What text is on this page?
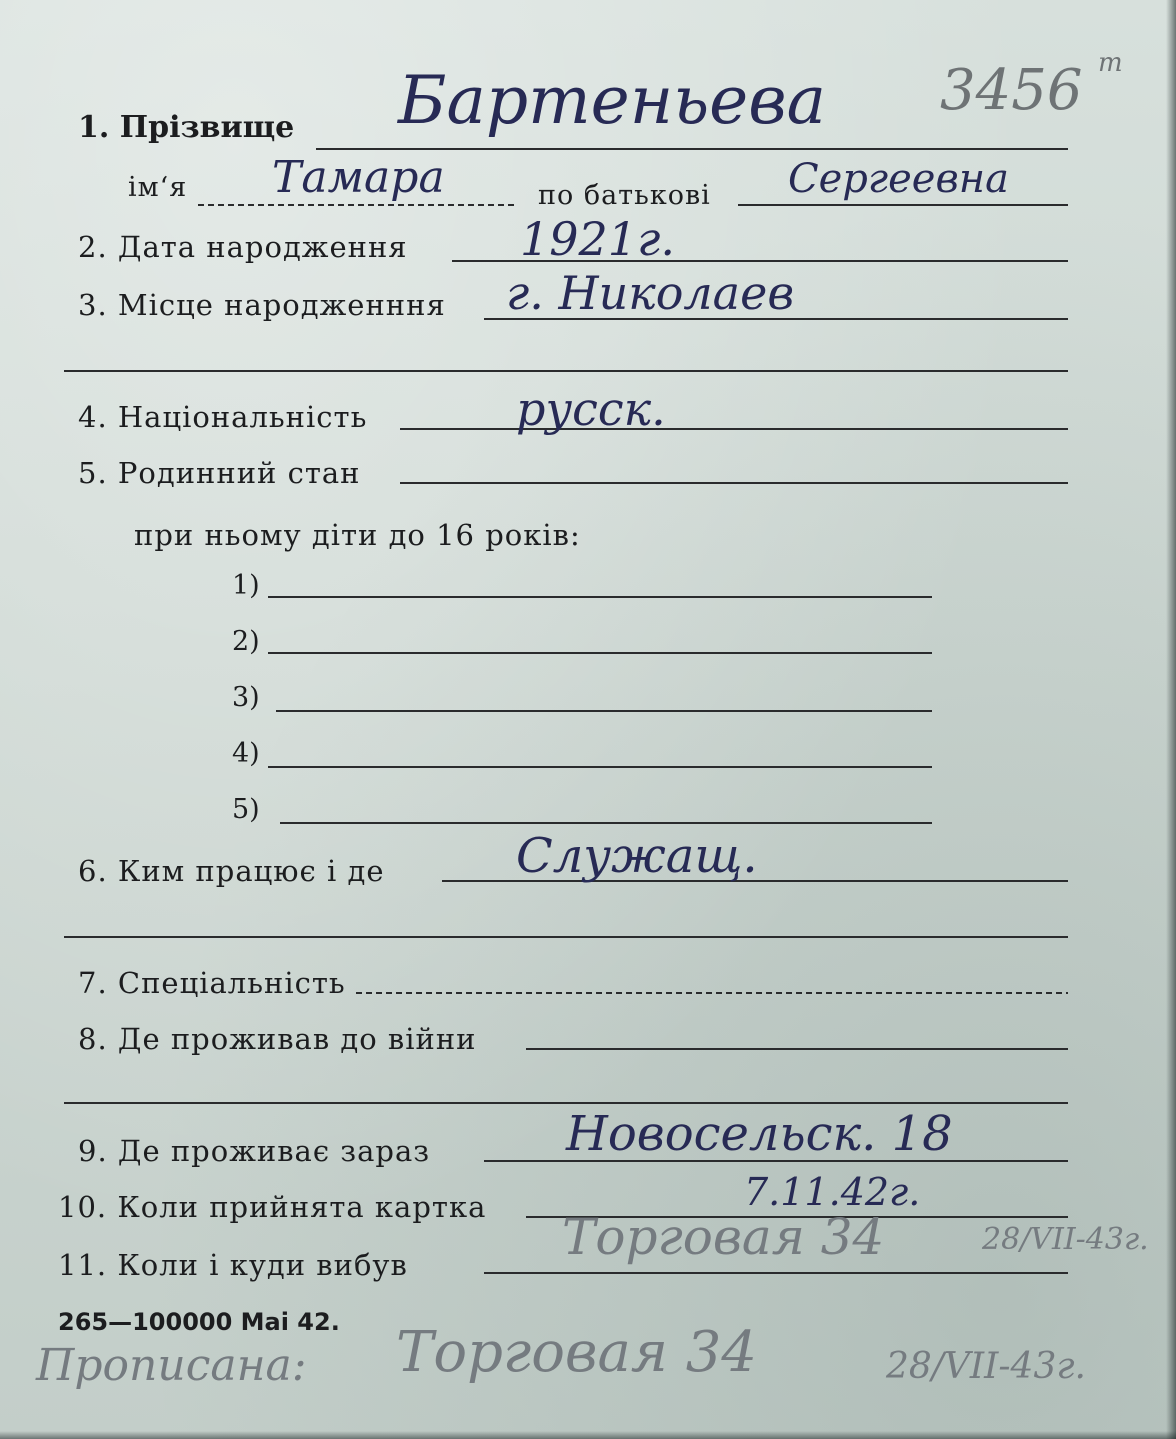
3456 т
1. Прізвище Бартеньева
ім‘я Тамара	по батькові Сергеевна
2. Дата народження 1921г.
3. Місце народженння г. Николаев
4. Національність	русск.
5. Родинний стан
при ньому діти до 16 років:
1)
2)
3)
4)
5)
6. Ким працює і де	Служащ.
7. Спеціальність
8. Де проживав до війни
9. Де проживає зараз	Новосельск. 18
10. Коли прийнята картка	7.11.42г.
11. Коли і куди вибув	Торговая 34	28/VII-43г.
265—100000 Mai 42.
Прописана: Торговая 34	28/VII-43г.
